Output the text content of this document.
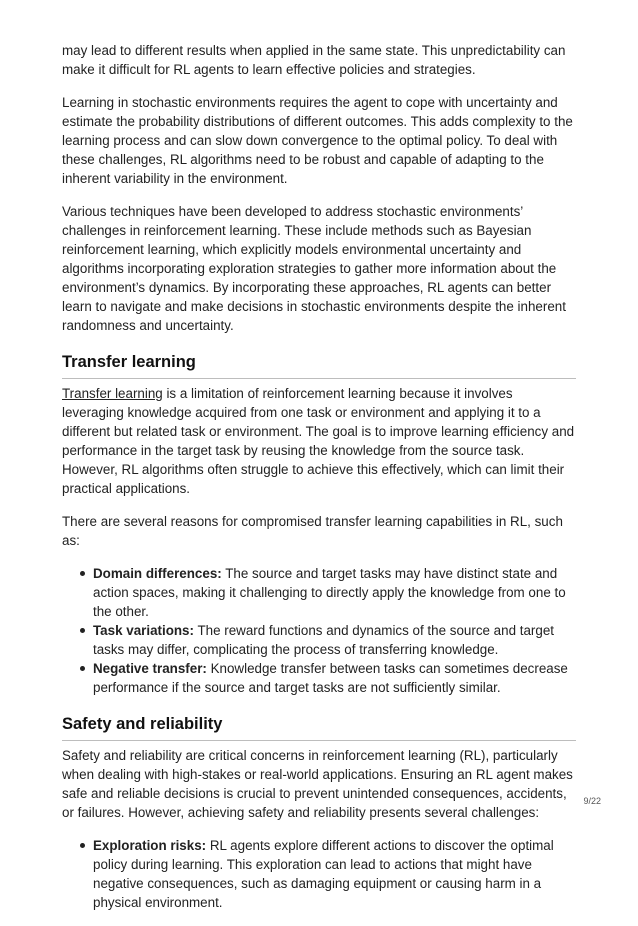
may lead to different results when applied in the same state. This unpredictability can make it difficult for RL agents to learn effective policies and strategies.

Learning in stochastic environments requires the agent to cope with uncertainty and estimate the probability distributions of different outcomes. This adds complexity to the learning process and can slow down convergence to the optimal policy. To deal with these challenges, RL algorithms need to be robust and capable of adapting to the inherent variability in the environment.

Various techniques have been developed to address stochastic environments’ challenges in reinforcement learning. These include methods such as Bayesian reinforcement learning, which explicitly models environmental uncertainty and algorithms incorporating exploration strategies to gather more information about the environment’s dynamics. By incorporating these approaches, RL agents can better learn to navigate and make decisions in stochastic environments despite the inherent randomness and uncertainty.

Transfer learning

Transfer learning is a limitation of reinforcement learning because it involves leveraging knowledge acquired from one task or environment and applying it to a different but related task or environment. The goal is to improve learning efficiency and performance in the target task by reusing the knowledge from the source task. However, RL algorithms often struggle to achieve this effectively, which can limit their practical applications.

There are several reasons for compromised transfer learning capabilities in RL, such as:

Domain differences: The source and target tasks may have distinct state and action spaces, making it challenging to directly apply the knowledge from one to the other.
Task variations: The reward functions and dynamics of the source and target tasks may differ, complicating the process of transferring knowledge.
Negative transfer: Knowledge transfer between tasks can sometimes decrease performance if the source and target tasks are not sufficiently similar.
Safety and reliability

Safety and reliability are critical concerns in reinforcement learning (RL), particularly when dealing with high-stakes or real-world applications. Ensuring an RL agent makes safe and reliable decisions is crucial to prevent unintended consequences, accidents, or failures. However, achieving safety and reliability presents several challenges:

Exploration risks: RL agents explore different actions to discover the optimal policy during learning. This exploration can lead to actions that might have negative consequences, such as damaging equipment or causing harm in a physical environment.
9/22
